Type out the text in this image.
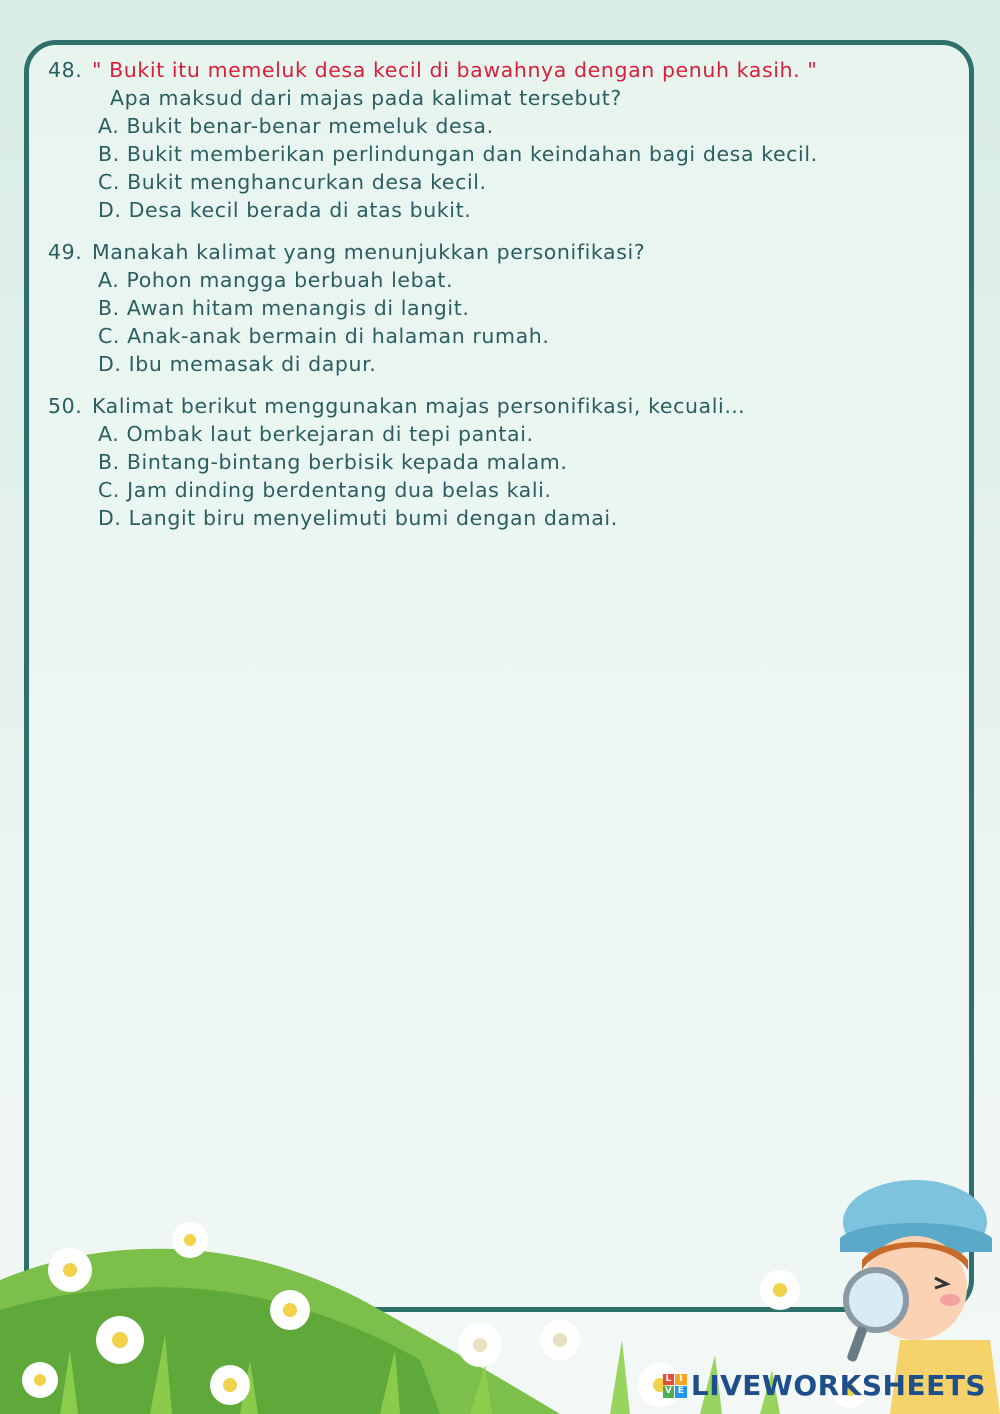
48. " Bukit itu memeluk desa kecil di bawahnya dengan penuh kasih. "
Apa maksud dari majas pada kalimat tersebut?
A. Bukit benar-benar memeluk desa.
B. Bukit memberikan perlindungan dan keindahan bagi desa kecil.
C. Bukit menghancurkan desa kecil.
D. Desa kecil berada di atas bukit.
49. Manakah kalimat yang menunjukkan personifikasi?
A. Pohon mangga berbuah lebat.
B. Awan hitam menangis di langit.
C. Anak-anak bermain di halaman rumah.
D. Ibu memasak di dapur.
50. Kalimat berikut menggunakan majas personifikasi, kecuali…
A. Ombak laut berkejaran di tepi pantai.
B. Bintang-bintang berbisik kepada malam.
C. Jam dinding berdentang dua belas kali.
D. Langit biru menyelimuti bumi dengan damai.
L I
V E LIVEWORKSHEETS
